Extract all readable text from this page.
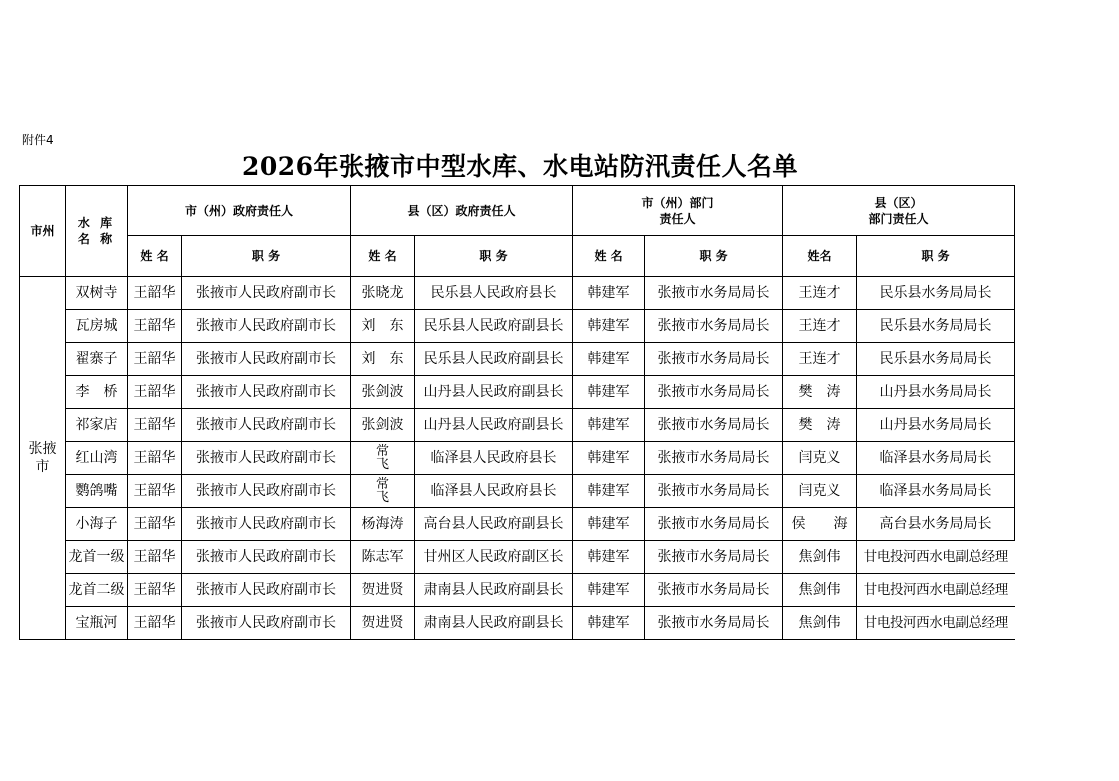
附件4
2026年张掖市中型水库、水电站防汛责任人名单
市州	水 库
名 称	市（州）政府责任人		县（区）政府责任人		市（州）部门
责任人		县（区）
部门责任人	
		姓 名	职 务	姓 名	职 务	姓 名	职 务	姓名	职 务
张掖市	双树寺	王韶华	张掖市人民政府副市长	张晓龙	民乐县人民政府县长	韩建军	张掖市水务局局长	王连才	民乐县水务局局长
	瓦房城	王韶华	张掖市人民政府副市长	刘　东	民乐县人民政府副县长	韩建军	张掖市水务局局长	王连才	民乐县水务局局长
	翟寨子	王韶华	张掖市人民政府副市长	刘　东	民乐县人民政府副县长	韩建军	张掖市水务局局长	王连才	民乐县水务局局长
	李　桥	王韶华	张掖市人民政府副市长	张剑波	山丹县人民政府副县长	韩建军	张掖市水务局局长	樊　涛	山丹县水务局局长
	祁家店	王韶华	张掖市人民政府副市长	张剑波	山丹县人民政府副县长	韩建军	张掖市水务局局长	樊　涛	山丹县水务局局长
	红山湾	王韶华	张掖市人民政府副市长	常
飞	临泽县人民政府县长	韩建军	张掖市水务局局长	闫克义	临泽县水务局局长
	鹦鸽嘴	王韶华	张掖市人民政府副市长	常
飞	临泽县人民政府县长	韩建军	张掖市水务局局长	闫克义	临泽县水务局局长
	小海子	王韶华	张掖市人民政府副市长	杨海涛	高台县人民政府副县长	韩建军	张掖市水务局局长	侯　　海	高台县水务局局长
	龙首一级	王韶华	张掖市人民政府副市长	陈志军	甘州区人民政府副区长	韩建军	张掖市水务局局长	焦剑伟	甘电投河西水电副总经理
	龙首二级	王韶华	张掖市人民政府副市长	贺进贤	肃南县人民政府副县长	韩建军	张掖市水务局局长	焦剑伟	甘电投河西水电副总经理
	宝瓶河	王韶华	张掖市人民政府副市长	贺进贤	肃南县人民政府副县长	韩建军	张掖市水务局局长	焦剑伟	甘电投河西水电副总经理
